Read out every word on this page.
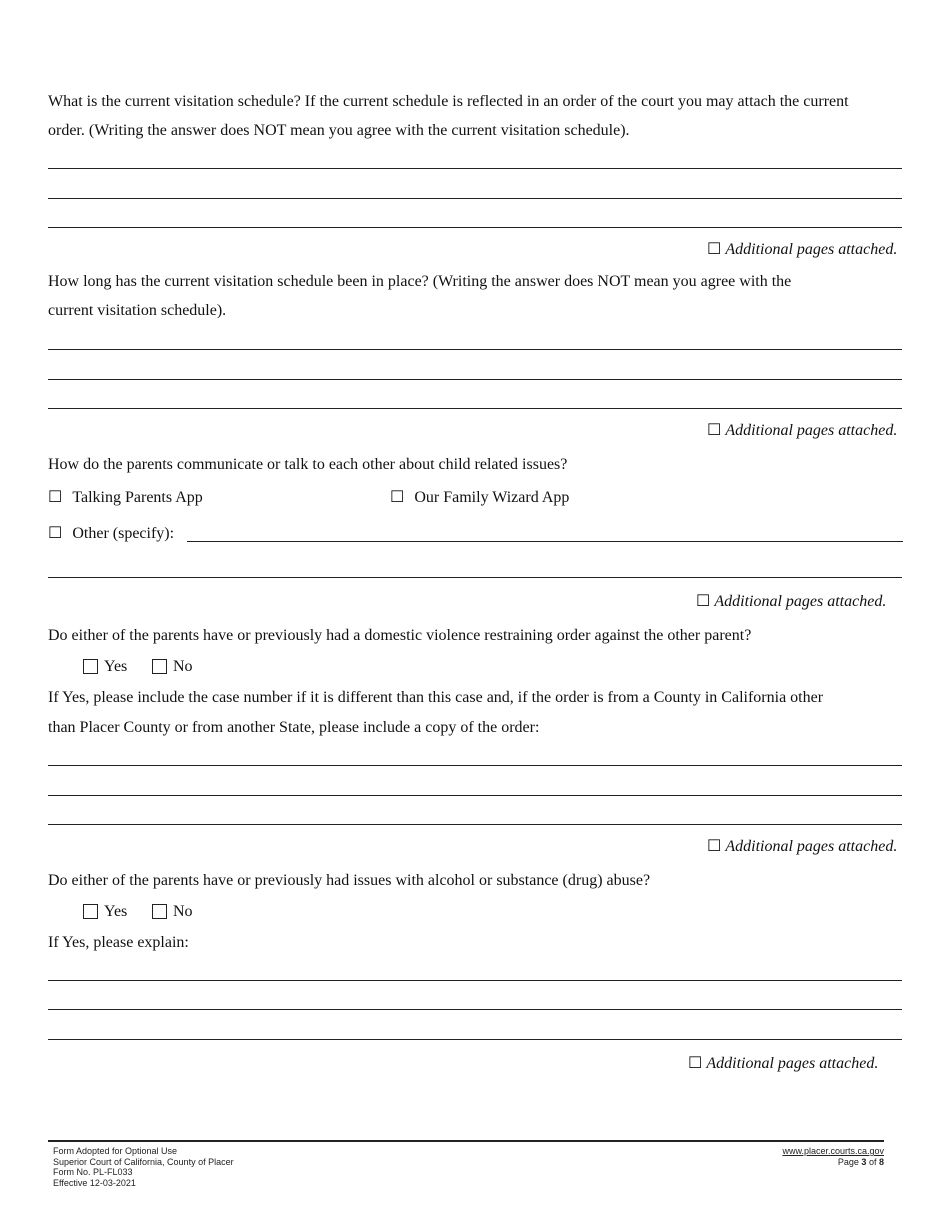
What is the current visitation schedule? If the current schedule is reflected in an order of the court you may attach the current
order. (Writing the answer does NOT mean you agree with the current visitation schedule).
☐ Additional pages attached.
How long has the current visitation schedule been in place? (Writing the answer does NOT mean you agree with the
current visitation schedule).
☐ Additional pages attached.
How do the parents communicate or talk to each other about child related issues?
☐ Talking Parents App	☐ Our Family Wizard App
☐ Other (specify):
☐ Additional pages attached.
Do either of the parents have or previously had a domestic violence restraining order against the other parent?
Yes	No
If Yes, please include the case number if it is different than this case and, if the order is from a County in California other
than Placer County or from another State, please include a copy of the order:
☐ Additional pages attached.
Do either of the parents have or previously had issues with alcohol or substance (drug) abuse?
Yes	No
If Yes, please explain:
☐ Additional pages attached.
Form Adopted for Optional Use
Superior Court of California, County of Placer
Form No. PL-FL033
Effective 12-03-2021
www.placer.courts.ca.gov
Page 3 of 8
